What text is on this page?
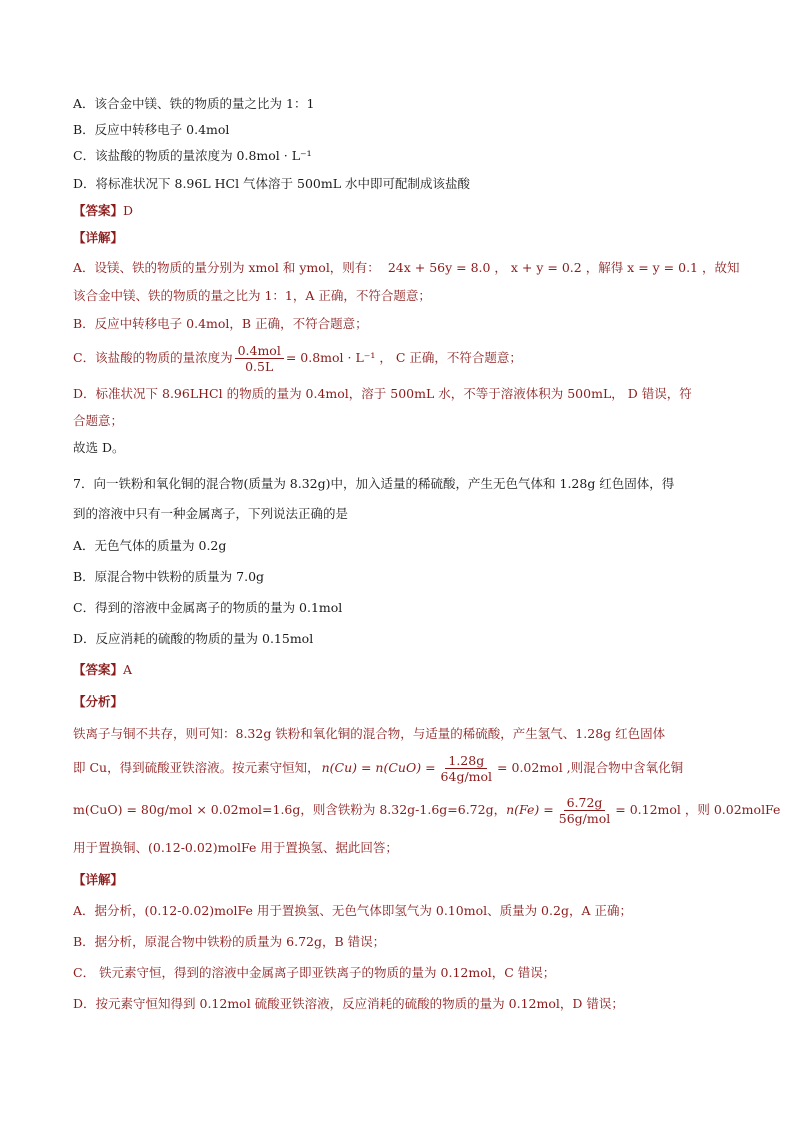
A．该合金中镁、铁的物质的量之比为 1：1
B．反应中转移电子 0.4mol
C．该盐酸的物质的量浓度为 0.8mol · L⁻¹
D．将标准状况下 8.96L HCl 气体溶于 500mL 水中即可配制成该盐酸
【答案】D
【详解】
A．设镁、铁的物质的量分别为 xmol 和 ymol，则有： 24x + 56y = 8.0 ， x + y = 0.2 ，解得 x = y = 0.1 ，故知
该合金中镁、铁的物质的量之比为 1：1，A 正确，不符合题意；
B．反应中转移电子 0.4mol，B 正确，不符合题意；
C．该盐酸的物质的量浓度为 $\frac{\text{0.4mol}}{0.5L} = 0.8mol \cdot L^{-1}$ ， C 正确，不符合题意；
D．标准状况下 8.96LHCl 的物质的量为 0.4mol，溶于 500mL 水，不等于溶液体积为 500mL， D 错误，符
合题意；
故选 D。
7．向一铁粉和氧化铜的混合物(质量为 8.32g)中，加入适量的稀硫酸，产生无色气体和 1.28g 红色固体，得
到的溶液中只有一种金属离子，下列说法正确的是
A．无色气体的质量为 0.2g
B．原混合物中铁粉的质量为 7.0g
C．得到的溶液中金属离子的物质的量为 0.1mol
D．反应消耗的硫酸的物质的量为 0.15mol
【答案】A
【分析】
铁离子与铜不共存，则可知：8.32g 铁粉和氧化铜的混合物，与适量的稀硫酸，产生氢气、1.28g 红色固体
即 Cu，得到硫酸亚铁溶液。按元素守恒知， $n(Cu) = n(CuO) = \frac{1.28g}{\text{64g/mol}} = 0.02mol$ ,则混合物中含氧化铜
m(CuO) = 80g/mol × 0.02mol=1.6g ，则含铁粉为 8.32g-1.6g=6.72g， $n(Fe) = \frac{6.72g}{\text{56g/mol}} = 0.12mol$ ，则 0.02molFe
用于置换铜、(0.12-0.02)molFe 用于置换氢、据此回答；
【详解】
A．据分析，(0.12-0.02)molFe 用于置换氢、无色气体即氢气为 0.10mol、质量为 0.2g，A 正确；
B．据分析，原混合物中铁粉的质量为 6.72g，B 错误；
C． 铁元素守恒，得到的溶液中金属离子即亚铁离子的物质的量为 0.12mol，C 错误；
D．按元素守恒知得到 0.12mol 硫酸亚铁溶液，反应消耗的硫酸的物质的量为 0.12mol，D 错误；
